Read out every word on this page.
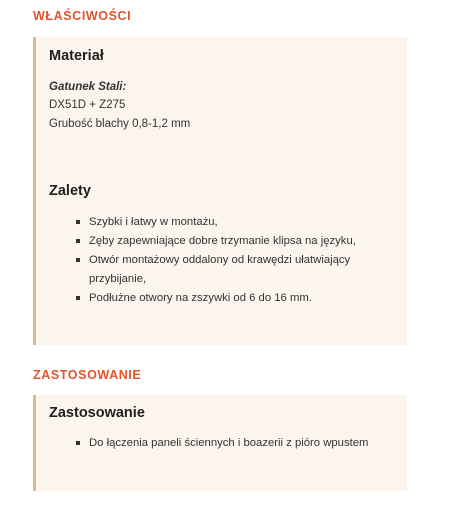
WŁAŚCIWOŚCI
Materiał

Gatunek Stali:

DX51D + Z275

Grubość blachy 0,8-1,2 mm

Zalety
Szybki i łatwy w montażu,
Zęby zapewniające dobre trzymanie klipsa na języku,
Otwór montażowy oddalony od krawędzi ułatwiający przybijanie,
Podłużne otwory na zszywki od 6 do 16 mm.
ZASTOSOWANIE
Zastosowanie
Do łączenia paneli ściennych i boazerii z pióro wpustem
